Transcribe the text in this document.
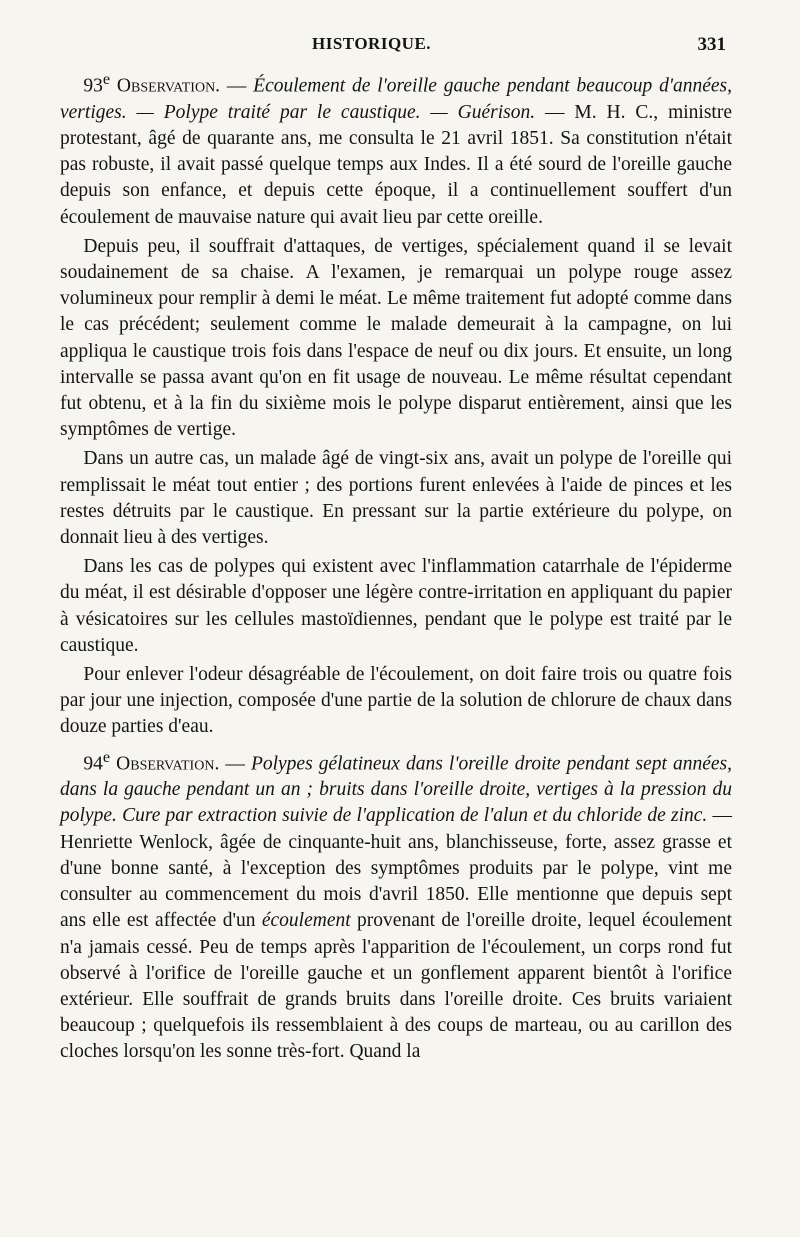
HISTORIQUE.	331

93e Observation. — Écoulement de l'oreille gauche pendant beaucoup d'années, vertiges. — Polype traité par le caustique. — Guérison. — M. H. C., ministre protestant, âgé de quarante ans, me consulta le 21 avril 1851. Sa constitution n'était pas robuste, il avait passé quelque temps aux Indes. Il a été sourd de l'oreille gauche depuis son enfance, et depuis cette époque, il a continuellement souffert d'un écoulement de mauvaise nature qui avait lieu par cette oreille.

Depuis peu, il souffrait d'attaques, de vertiges, spécialement quand il se levait soudainement de sa chaise. A l'examen, je remarquai un polype rouge assez volumineux pour remplir à demi le méat. Le même traitement fut adopté comme dans le cas précédent; seulement comme le malade demeurait à la campagne, on lui appliqua le caustique trois fois dans l'espace de neuf ou dix jours. Et ensuite, un long intervalle se passa avant qu'on en fit usage de nouveau. Le même résultat cependant fut obtenu, et à la fin du sixième mois le polype disparut entièrement, ainsi que les symptômes de vertige.

Dans un autre cas, un malade âgé de vingt-six ans, avait un polype de l'oreille qui remplissait le méat tout entier ; des portions furent enlevées à l'aide de pinces et les restes détruits par le caustique. En pressant sur la partie extérieure du polype, on donnait lieu à des vertiges.

Dans les cas de polypes qui existent avec l'inflammation catarrhale de l'épiderme du méat, il est désirable d'opposer une légère contre-irritation en appliquant du papier à vésicatoires sur les cellules mastoïdiennes, pendant que le polype est traité par le caustique.

Pour enlever l'odeur désagréable de l'écoulement, on doit faire trois ou quatre fois par jour une injection, composée d'une partie de la solution de chlorure de chaux dans douze parties d'eau.

94e Observation. — Polypes gélatineux dans l'oreille droite pendant sept années, dans la gauche pendant un an ; bruits dans l'oreille droite, vertiges à la pression du polype. Cure par extraction suivie de l'application de l'alun et du chloride de zinc. — Henriette Wenlock, âgée de cinquante-huit ans, blanchisseuse, forte, assez grasse et d'une bonne santé, à l'exception des symptômes produits par le polype, vint me consulter au commencement du mois d'avril 1850. Elle mentionne que depuis sept ans elle est affectée d'un écoulement provenant de l'oreille droite, lequel écoulement n'a jamais cessé. Peu de temps après l'apparition de l'écoulement, un corps rond fut observé à l'orifice de l'oreille gauche et un gonflement apparent bientôt à l'orifice extérieur. Elle souffrait de grands bruits dans l'oreille droite. Ces bruits variaient beaucoup ; quelquefois ils ressemblaient à des coups de marteau, ou au carillon des cloches lorsqu'on les sonne très-fort. Quand la
